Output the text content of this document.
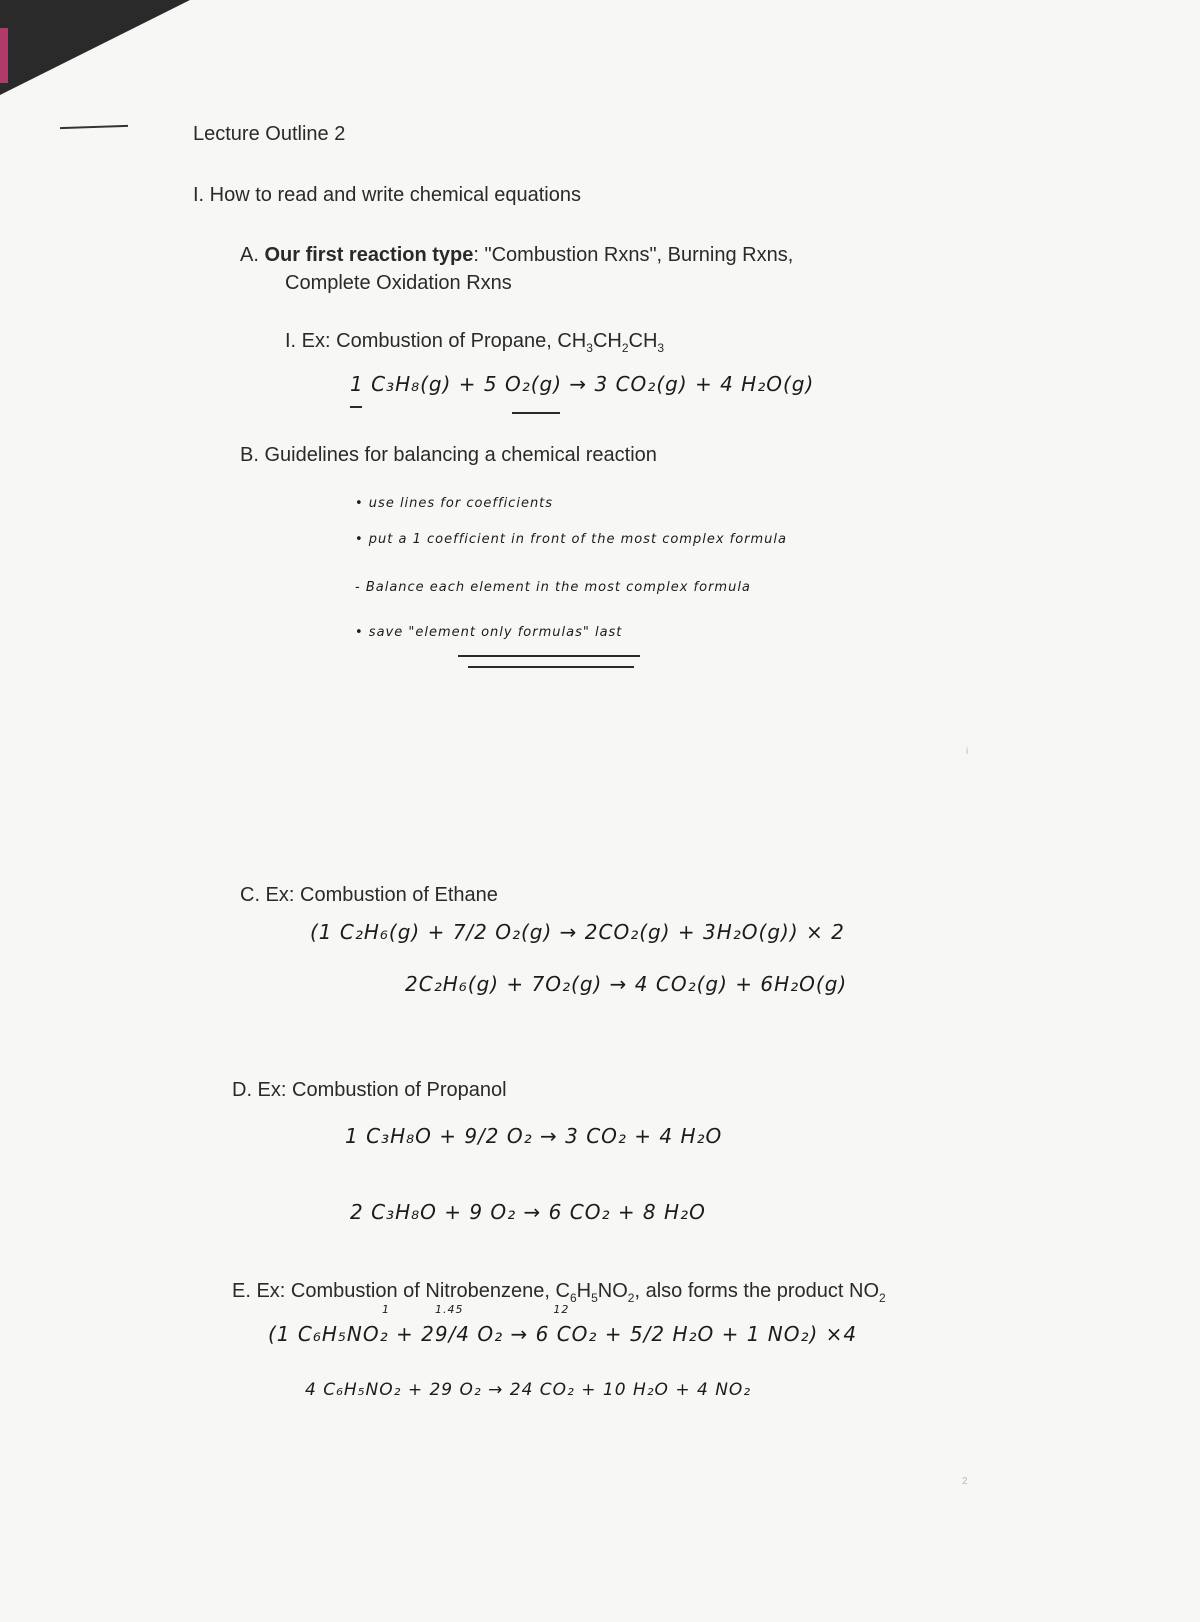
Lecture Outline 2
I. How to read and write chemical equations
A. Our first reaction type: "Combustion Rxns", Burning Rxns,
Complete Oxidation Rxns
I. Ex: Combustion of Propane, $CH_3CH_2CH_3$
1 C₃H₈(g) + 5 O₂(g) → 3 CO₂(g) + 4 H₂O(g)
B. Guidelines for balancing a chemical reaction
• use lines for coefficients
• put a 1 coefficient in front of the most complex formula
- Balance each element in the most complex formula
• save "element only formulas" last
C. Ex: Combustion of Ethane
(1 C₂H₆(g) + 7/2 O₂(g) → 2CO₂(g) + 3H₂O(g)) × 2
2C₂H₆(g) + 7O₂(g) → 4 CO₂(g) + 6H₂O(g)
D. Ex: Combustion of Propanol
1 C₃H₈O + 9/2 O₂ → 3 CO₂ + 4 H₂O
2 C₃H₈O + 9 O₂ → 6 CO₂ + 8 H₂O
E. Ex: Combustion of Nitrobenzene, $C_6H_5NO_2$, also forms the product $NO_2$
1          1.45                    12
(1 C₆H₅NO₂ + 29/4 O₂ → 6 CO₂ + 5/2 H₂O + 1 NO₂) ×4
4 C₆H₅NO₂ + 29 O₂ → 24 CO₂ + 10 H₂O + 4 NO₂
i
2
